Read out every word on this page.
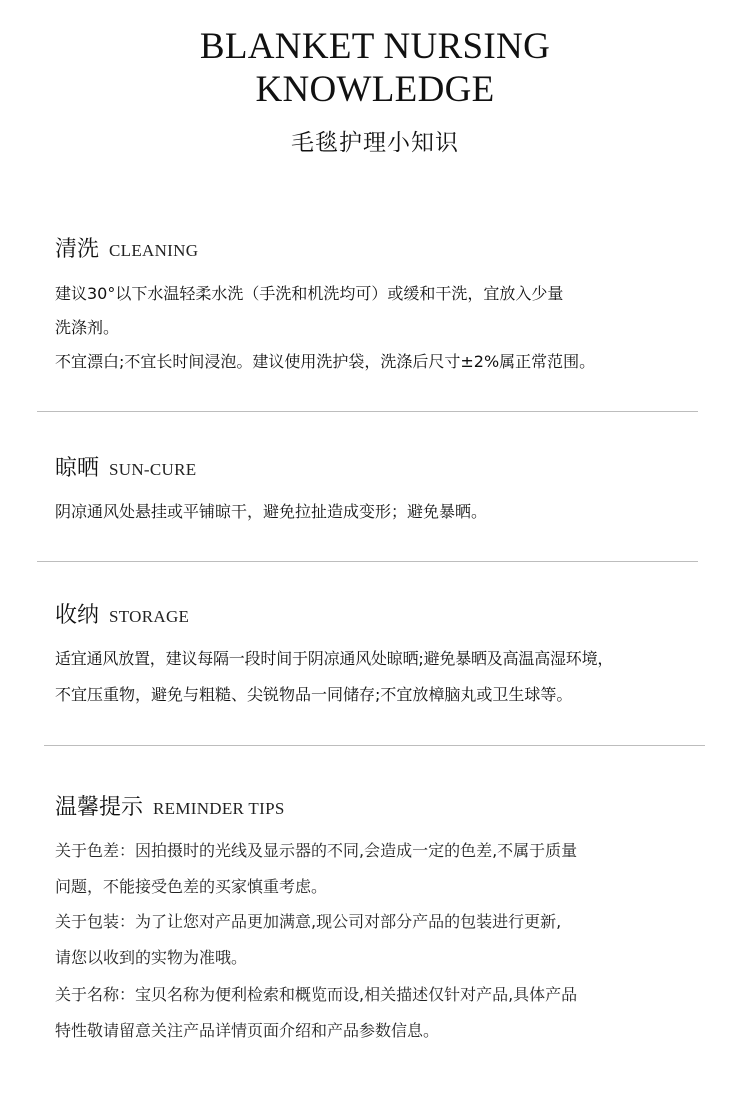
BLANKET NURSING
KNOWLEDGE
毛毯护理小知识
清洗 CLEANING
建议30°以下水温轻柔水洗（手洗和机洗均可）或缓和干洗，宜放入少量
洗涤剂。
不宜漂白;不宜长时间浸泡。建议使用洗护袋，洗涤后尺寸±2%属正常范围。
晾晒 SUN-CURE
阴凉通风处悬挂或平铺晾干，避免拉扯造成变形；避免暴晒。
收纳 STORAGE
适宜通风放置，建议每隔一段时间于阴凉通风处晾晒;避免暴晒及高温高湿环境，
不宜压重物，避免与粗糙、尖锐物品一同储存;不宜放樟脑丸或卫生球等。
温馨提示 REMINDER TIPS
关于色差：因拍摄时的光线及显示器的不同,会造成一定的色差,不属于质量
问题，不能接受色差的买家慎重考虑。
关于包装：为了让您对产品更加满意,现公司对部分产品的包装进行更新,
请您以收到的实物为准哦。
关于名称：宝贝名称为便利检索和概览而设,相关描述仅针对产品,具体产品
特性敬请留意关注产品详情页面介绍和产品参数信息。
